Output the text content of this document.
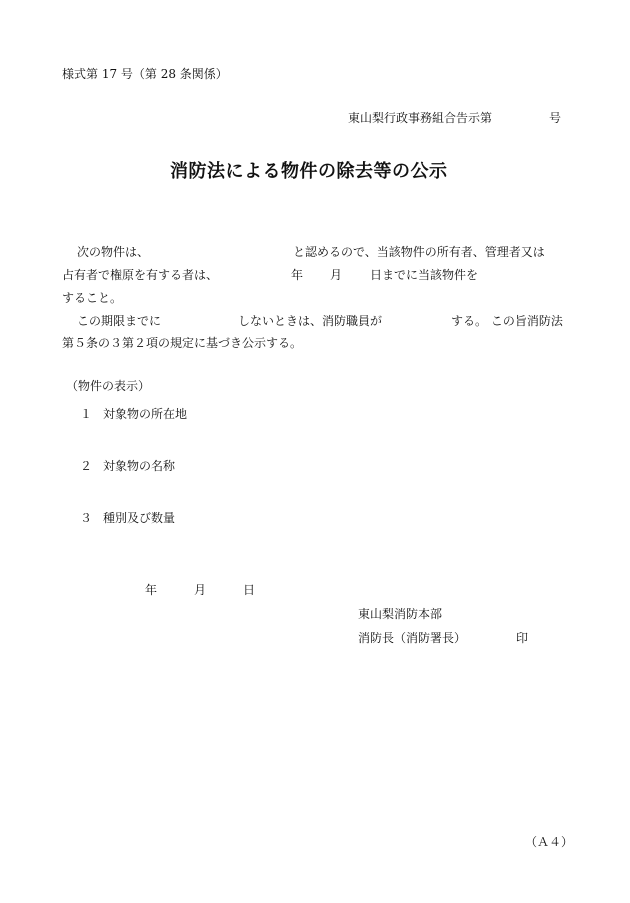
様式第 17 号（第 28 条関係）
東山梨行政事務組合告示第	号
消防法による物件の除去等の公示
次の物件は、	と認めるので、当該物件の所有者、管理者又は
占有者で権原を有する者は、	年 月 日までに当該物件を
すること。
この期限までに	しないときは、消防職員が	する。 この旨消防法
第５条の３第２項の規定に基づき公示する。
（物件の表示）
１ 対象物の所在地
２ 対象物の名称
３ 種別及び数量
年	月	日
東山梨消防本部
消防長（消防署長）	印
（Ａ４）
